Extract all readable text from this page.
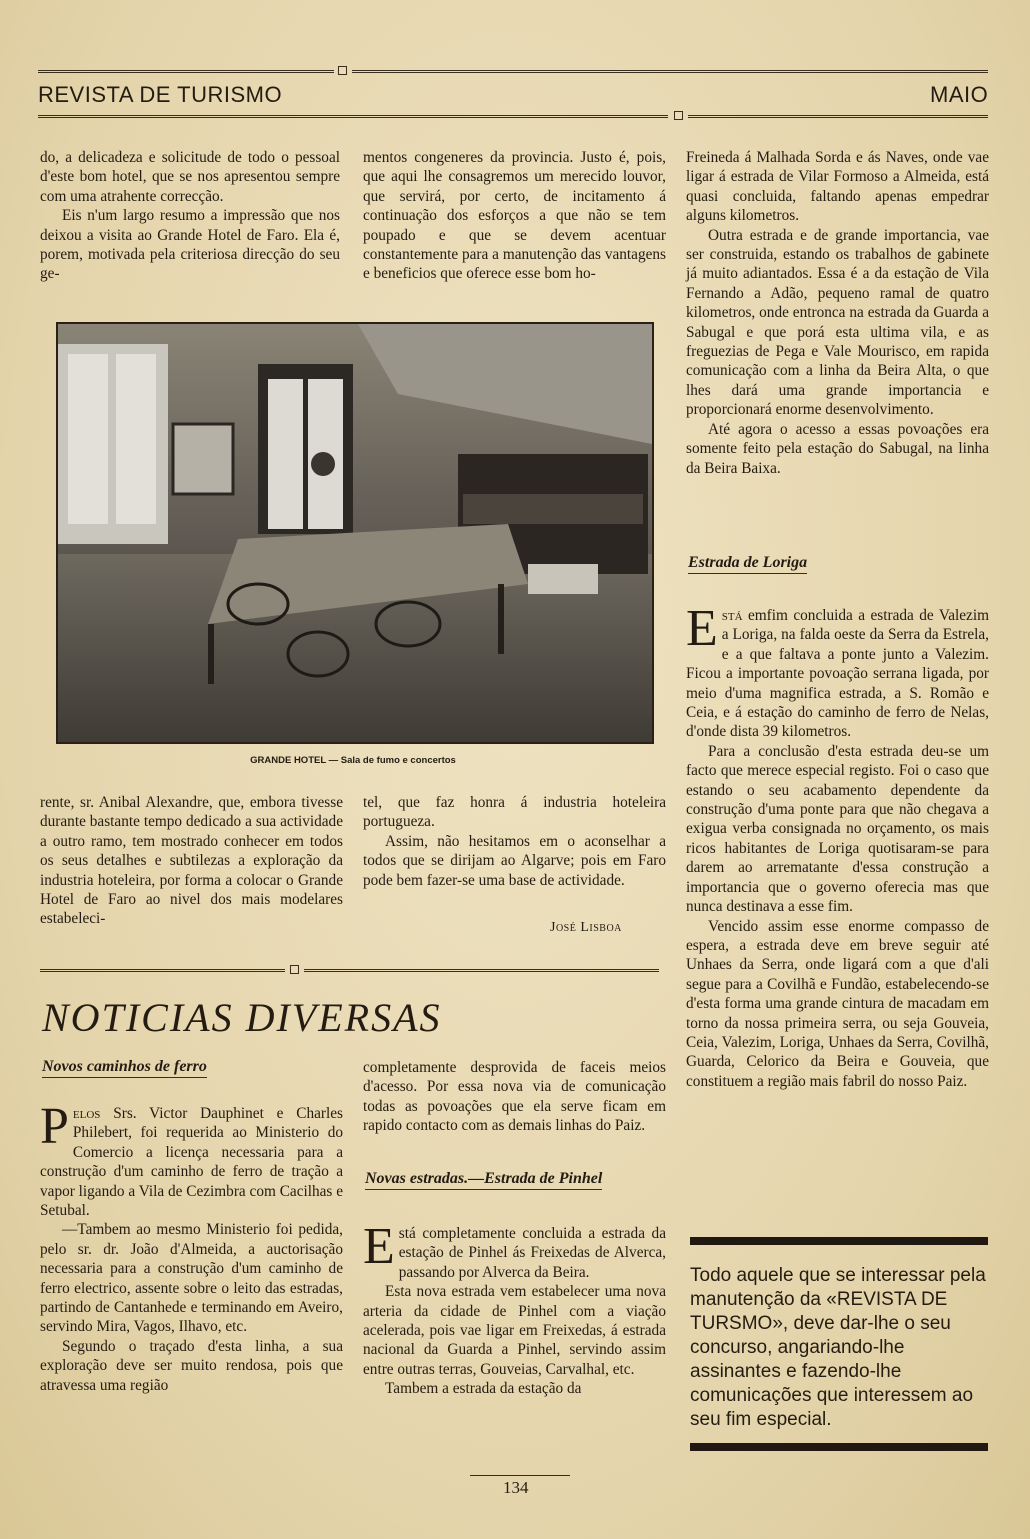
REVISTA DE TURISMO	MAIO

do, a delicadeza e solicitude de todo o pessoal d'este bom hotel, que se nos apresentou sempre com uma atrahente correcção.

Eis n'um largo resumo a impressão que nos deixou a visita ao Grande Hotel de Faro. Ela é, porem, motivada pela criteriosa direcção do seu ge-

mentos congeneres da provincia. Justo é, pois, que aqui lhe consagremos um merecido louvor, que servirá, por certo, de incitamento á continuação dos esforços a que não se tem poupado e que se devem acentuar constantemente para a manutenção das vantagens e beneficios que oferece esse bom ho-

GRANDE HOTEL — Sala de fumo e concertos

rente, sr. Anibal Alexandre, que, embora tivesse durante bastante tempo dedicado a sua actividade a outro ramo, tem mostrado conhecer em todos os seus detalhes e subtilezas a exploração da industria hoteleira, por forma a colocar o Grande Hotel de Faro ao nivel dos mais modelares estabeleci-

tel, que faz honra á industria hoteleira portugueza.

Assim, não hesitamos em o aconselhar a todos que se dirijam ao Algarve; pois em Faro pode bem fazer-se uma base de actividade.

José Lisboa
NOTICIAS DIVERSAS

Freineda á Malhada Sorda e ás Naves, onde vae ligar á estrada de Vilar Formoso a Almeida, está quasi concluida, faltando apenas empedrar alguns kilometros.

Outra estrada e de grande importancia, vae ser construida, estando os trabalhos de gabinete já muito adiantados. Essa é a da estação de Vila Fernando a Adão, pequeno ramal de quatro kilometros, onde entronca na estrada da Guarda a Sabugal e que porá esta ultima vila, e as freguezias de Pega e Vale Mourisco, em rapida comunicação com a linha da Beira Alta, o que lhes dará uma grande importancia e proporcionará enorme desenvolvimento.

Até agora o acesso a essas povoações era somente feito pela estação do Sabugal, na linha da Beira Baixa.

Estrada de Loriga

Está emfim concluida a estrada de Valezim a Loriga, na falda oeste da Serra da Estrela, e a que faltava a ponte junto a Valezim. Ficou a importante povoação serrana ligada, por meio d'uma magnifica estrada, a S. Romão e Ceia, e á estação do caminho de ferro de Nelas, d'onde dista 39 kilometros.

Para a conclusão d'esta estrada deu-se um facto que merece especial registo. Foi o caso que estando o seu acabamento dependente da construção d'uma ponte para que não chegava a exigua verba consignada no orçamento, os mais ricos habitantes de Loriga quotisaram-se para darem ao arrematante d'essa construção a importancia que o governo oferecia mas que nunca destinava a esse fim.

Vencido assim esse enorme compasso de espera, a estrada deve em breve seguir até Unhaes da Serra, onde ligará com a que d'ali segue para a Covilhã e Fundão, estabelecendo-se d'esta forma uma grande cintura de macadam em torno da nossa primeira serra, ou seja Gouveia, Ceia, Valezim, Loriga, Unhaes da Serra, Covilhã, Guarda, Celorico da Beira e Gouveia, que constituem a região mais fabril do nosso Paiz.

Todo aquele que se interessar pela manutenção da «REVISTA DE TURSMO», deve dar-lhe o seu concurso, angariando-lhe assinantes e fazendo-lhe comunicações que interessem ao seu fim especial.
Novos caminhos de ferro

Pelos Srs. Victor Dauphinet e Charles Philebert, foi requerida ao Ministerio do Comercio a licença necessaria para a construção d'um caminho de ferro de tração a vapor ligando a Vila de Cezimbra com Cacilhas e Setubal.

—Tambem ao mesmo Ministerio foi pedida, pelo sr. dr. João d'Almeida, a auctorisação necessaria para a construção d'um caminho de ferro electrico, assente sobre o leito das estradas, partindo de Cantanhede e terminando em Aveiro, servindo Mira, Vagos, Ilhavo, etc.

Segundo o traçado d'esta linha, a sua exploração deve ser muito rendosa, pois que atravessa uma região

completamente desprovida de faceis meios d'acesso. Por essa nova via de comunicação todas as povoações que ela serve ficam em rapido contacto com as demais linhas do Paiz.

Novas estradas.—Estrada de Pinhel

Está completamente concluida a estrada da estação de Pinhel ás Freixedas de Alverca, passando por Alverca da Beira.

Esta nova estrada vem estabelecer uma nova arteria da cidade de Pinhel com a viação acelerada, pois vae ligar em Freixedas, á estrada nacional da Guarda a Pinhel, servindo assim entre outras terras, Gouveias, Carvalhal, etc.

Tambem a estrada da estação da

134
